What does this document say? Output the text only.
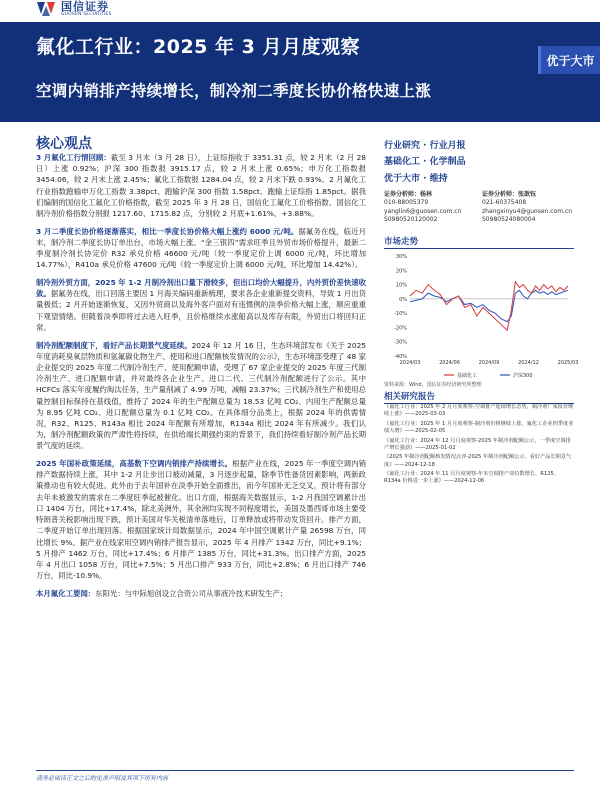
国信证券
GUOSEN SECURITIES
氟化工行业：2025 年 3 月月度观察
空调内销排产持续增长，制冷剂二季度长协价格快速上涨
优于大市
核心观点

3 月氟化工行情回顾：截至 3 月末（3 月 28 日），上证综指收于 3351.31 点，较 2 月末（2 月 28 日）上涨 0.92%；沪深 300 指数报 3915.17 点，较 2 月末上涨 0.65%；申万化工指数报 3454.06，较 2 月末上涨 2.45%；氟化工指数报 1284.04 点，较 2 月末下跌 0.93%。2 月氟化工行业指数跑输申万化工指数 3.38pct、跑输沪深 300 指数 1.58pct、跑输上证综指 1.85pct。据我们编制的国信化工氟化工价格指数，截至 2025 年 3 月 28 日，国信化工氟化工价格指数、国信化工制冷剂价格指数分别报 1217.60、1715.82 点，分别较 2 月底+1.61%、+3.88%。

3 月二季度长协价格逐渐落实，相比一季度长协价格大幅上涨约 6000 元/吨。据氟务在线，临近月末，制冷剂二季度长协订单出台，市场大幅上涨。“金三银四”需求旺季且外贸市场价格提升，最新二季度制冷剂长协定价 R32 承兑价格 46600 元/吨（较一季度定价上调 6000 元/吨，环比增加 14.77%），R410a 承兑价格 47600 元/吨（较一季度定价上调 6000 元/吨，环比增加 14.42%）。

制冷剂外贸方面，2025 年 1-2 月制冷剂出口量下滑较多，但出口均价大幅提升，内外贸价差快速收敛。据氟务在线，出口回落主要因 1 月海关编码重新梳理，要求各企业重新提交资料，导致 1 月出货量极低；2 月开始逐渐恢复，又因外贸商以及海外客户面对有违惯例的淡季价格大幅上涨，顺应重重下观望情绪。但随着淡季即将过去进入旺季，且价格继续水涨船高以及库存有限，外贸出口将回归正常。

制冷剂配额制度下，看好产品长期景气度延续。2024 年 12 月 16 日，生态环境部发布《关于 2025 年度消耗臭氧层物质和氢氟碳化物生产、使用和进口配额核发情况的公示》，生态环境部受理了 48 家企业提交的 2025 年度二代制冷剂生产、使用配额申请，受理了 67 家企业提交的 2025 年度三代制冷剂生产、进口配额申请，并对最终各企业生产、进口二代、三代制冷剂配额进行了公示。其中 HCFCs 落实年度履约淘汰任务，生产量削减了 4.99 万吨，减幅 23.37%；三代制冷剂生产和使用总量控制目标保持在基线值，维持了 2024 年的生产配额总量为 18.53 亿吨 CO₂、内用生产配额总量为 8.95 亿吨 CO₂、进口配额总量为 0.1 亿吨 CO₂。在具体细分品类上，根据 2024 年的供需情况，R32、R125、R143a 相比 2024 年配额有所增加，R134a 相比 2024 年有所减少。我们认为，制冷剂配额政策的严肃性将持续，在供给端长期强约束的背景下，我们持续看好制冷剂产品长期景气度的延续。

2025 年国补政策延续，高基数下空调内销排产持续增长。根据产业在线，2025 年一季度空调内销排产数据持续上涨，其中 1-2 月让步出口被动减量，3 月逐步起量，除季节性备货因素影响，两新政策推动也有较大促进。此外由于去年国补在淡季开始全面推出，而今年国补无乏交叉，预计将有部分去年未被激发的需求在二季度旺季起被催化。出口方面，根据海关数据显示，1-2 月我国空调累计出口 1404 万台，同比+17.4%，除北美洲外，其余洲均实现不同程度增长，美国及墨西哥市场主要受特朗普关税影响出现下跌，预计美国对华关税清单落地后，订单释放或将带动发货回升。排产方面，二季度开始订单出现回落。根据国家统计局数据显示，2024 年中国空调累计产量 26598 万台，同比增长 9%。据产业在线家用空调内销排产报告显示，2025 年 4 月排产 1342 万台，同比+9.1%；5 月排产 1462 万台，同比+17.4%；6 月排产 1385 万台，同比+31.3%。出口排产方面，2025 年 4 月出口 1058 万台，同比+7.5%；5 月出口排产 933 万台，同比+2.8%；6 月出口排产 746 万台，同比-10.9%。

本月氟化工要闻：东阳光：与中际旭创设立合资公司从事液冷技术研发生产；

行业研究 · 行业月报
基础化工 · 化学制品
优于大市 · 维持
证券分析师：杨林
010-88005379
yanglin6@guosen.com.cn
S0980520120002
证券分析师：张歆钰
021-60375408
zhangxinyu4@guosen.com.cn
S0980524080004
市场走势
30%
20%
10%
0%
-10%
-20%
-30%
-40%
2024/03	2024/06	2024/09	2024/12	2025/03
基础化工	沪深300
资料来源：Wind、国信证券经济研究所整理
相关研究报告
《氟化工行业：2025 年 2 月月度观察-空调排产延续增长态势，制冷剂厂家报价继续上涨》——2025-03-03
《氟化工行业：2025 年 1 月月度观察-制冷剂价格继续上涨，氟化工企业四季度业绩大增》——2025-02-05
《氟化工行业：2024 年 12 月月度观察-2025 年制冷剂配额公示，一季度空调排产增长强劲》——2025-01-02
《2025 年制冷剂配额核发情况点评-2025 年制冷剂配额公示，看好产品长期景气度》——2024-12-18
《氟化工行业：2024 年 11 月月度观察-年末空调排产双位数增长，R125、R134a 价格进一步上涨》——2024-12-06
请务必阅读正文之后的免责声明及其项下所有内容
